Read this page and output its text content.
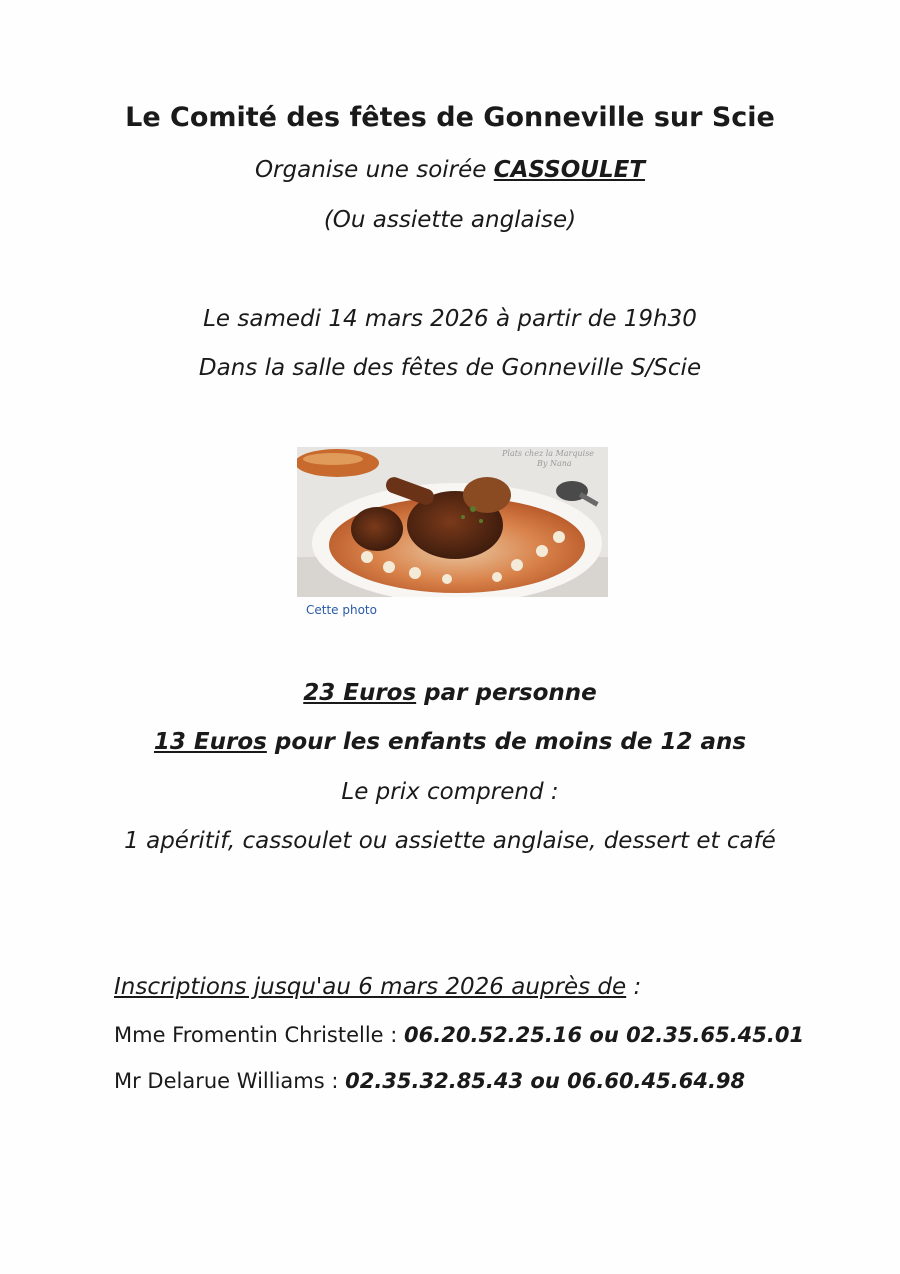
Le Comité des fêtes de Gonneville sur Scie
Organise une soirée CASSOULET
(Ou assiette anglaise)
Le samedi 14 mars 2026 à partir de 19h30
Dans la salle des fêtes de Gonneville S/Scie
Plats chez la Marquise
By Nana
Cette photo
23 Euros par personne
13 Euros pour les enfants de moins de 12 ans
Le prix comprend :
1 apéritif, cassoulet ou assiette anglaise, dessert et café
Inscriptions jusqu'au 6 mars 2026 auprès de :
Mme Fromentin Christelle : 06.20.52.25.16 ou 02.35.65.45.01
Mr Delarue Williams : 02.35.32.85.43 ou 06.60.45.64.98
